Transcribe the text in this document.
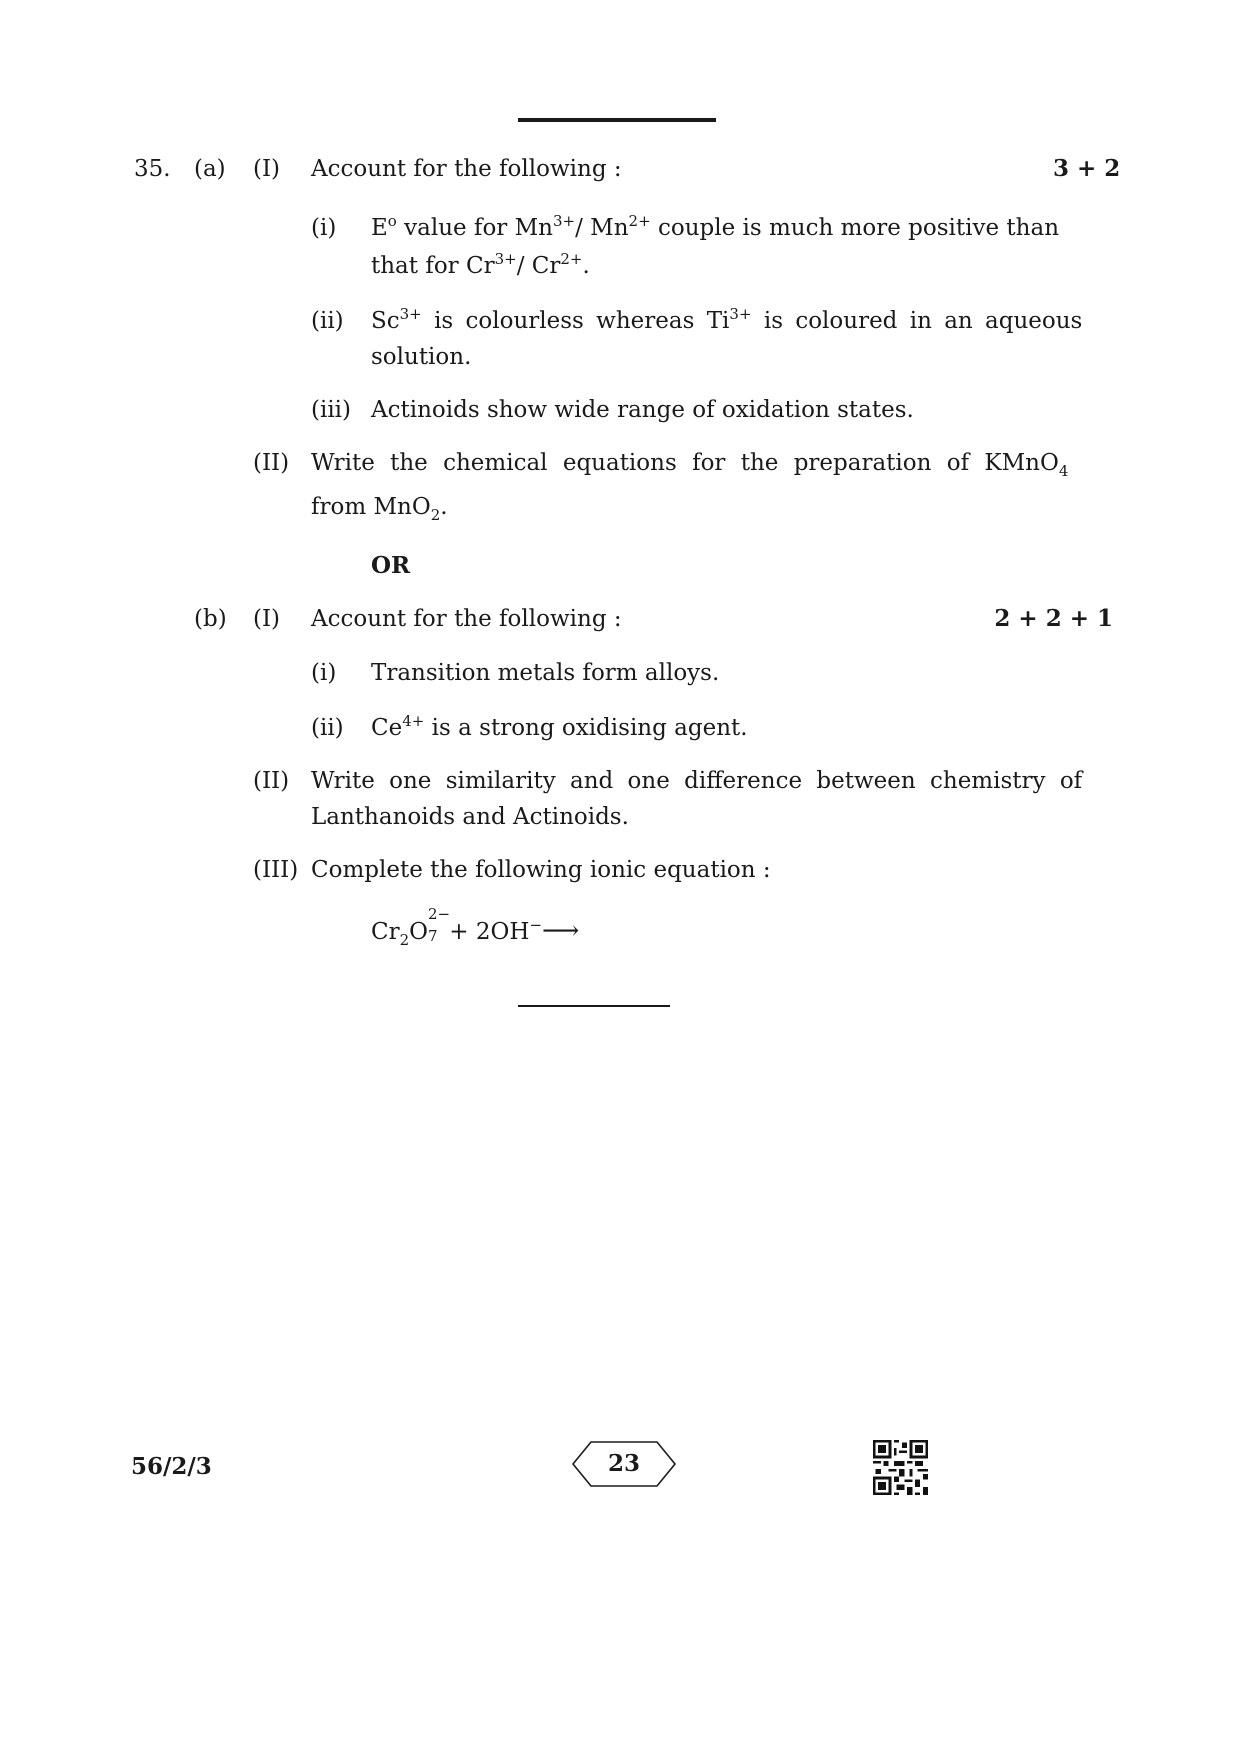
35. (a) (I) Account for the following :	3 + 2
(i) $E^o$ value for $Mn^{3+}/$ $Mn^{2+}$ couple is much more positive than
that for $Cr^{3+}/$ $Cr^{2+}$.
(ii) $Sc^{3+}$ is colourless whereas $Ti^{3+}$ is coloured in an aqueous
solution.
(iii) Actinoids show wide range of oxidation states.
(II) Write the chemical equations for the preparation of KMnO$_4$
from MnO$_2$.
OR
(b) (I) Account for the following :	2 + 2 + 1
(i) Transition metals form alloys.
(ii) $Ce^{4+}$ is a strong oxidising agent.
(II) Write one similarity and one difference between chemistry of
Lanthanoids and Actinoids.
(III) Complete the following ionic equation :
$Cr_2O$
2−
7 + 2OH−⟶
56/2/3	23
